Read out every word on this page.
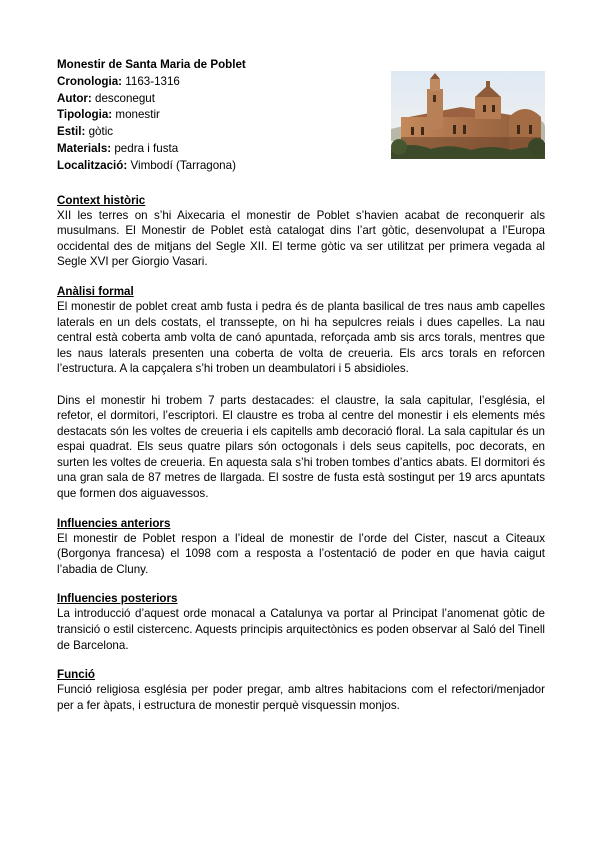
Monestir de Santa Maria de Poblet
Cronologia: 1163-1316
Autor: desconegut
Tipologia: monestir
Estil: gòtic
Materials: pedra i fusta
Localització: Vimbodí (Tarragona)
Context històric

XII les terres on s’hi Aixecaria el monestir de Poblet s’havien acabat de reconquerir als musulmans. El Monestir de Poblet està catalogat dins l’art gòtic, desenvolupat a l’Europa occidental des de mitjans del Segle XII. El terme gòtic va ser utilitzat per primera vegada al Segle XVI per Giorgio Vasari.

Anàlisi formal

El monestir de poblet creat amb fusta i pedra és de planta basilical de tres naus amb capelles laterals en un dels costats, el transsepte, on hi ha sepulcres reials i dues capelles. La nau central està coberta amb volta de canó apuntada, reforçada amb sis arcs torals, mentres que les naus laterals presenten una coberta de volta de creueria. Els arcs torals en reforcen l’estructura. A la capçalera s’hi troben un deambulatori i 5 absidioles.

Dins el monestir hi trobem 7 parts destacades: el claustre, la sala capitular, l’església, el refetor, el dormitori, l’escriptori. El claustre es troba al centre del monestir i els elements més destacats són les voltes de creueria i els capitells amb decoració floral. La sala capitular és un espai quadrat. Els seus quatre pilars són octogonals i dels seus capitells, poc decorats, en surten les voltes de creueria. En aquesta sala s’hi troben tombes d’antics abats. El dormitori és una gran sala de 87 metres de llargada. El sostre de fusta està sostingut per 19 arcs apuntats que formen dos aiguavessos.

Influencies anteriors

El monestir de Poblet respon a l’ideal de monestir de l’orde del Cister, nascut a Citeaux (Borgonya francesa) el 1098 com a resposta a l’ostentació de poder en que havia caigut l’abadia de Cluny.

Influencies posteriors

La introducció d’aquest orde monacal a Catalunya va portar al Principat l’anomenat gòtic de transició o estil cistercenc. Aquests principis arquitectònics es poden observar al Saló del Tinell de Barcelona.

Funció

Funció religiosa església per poder pregar, amb altres habitacions com el refectori/menjador per a fer àpats, i estructura de monestir perquè visquessin monjos.
